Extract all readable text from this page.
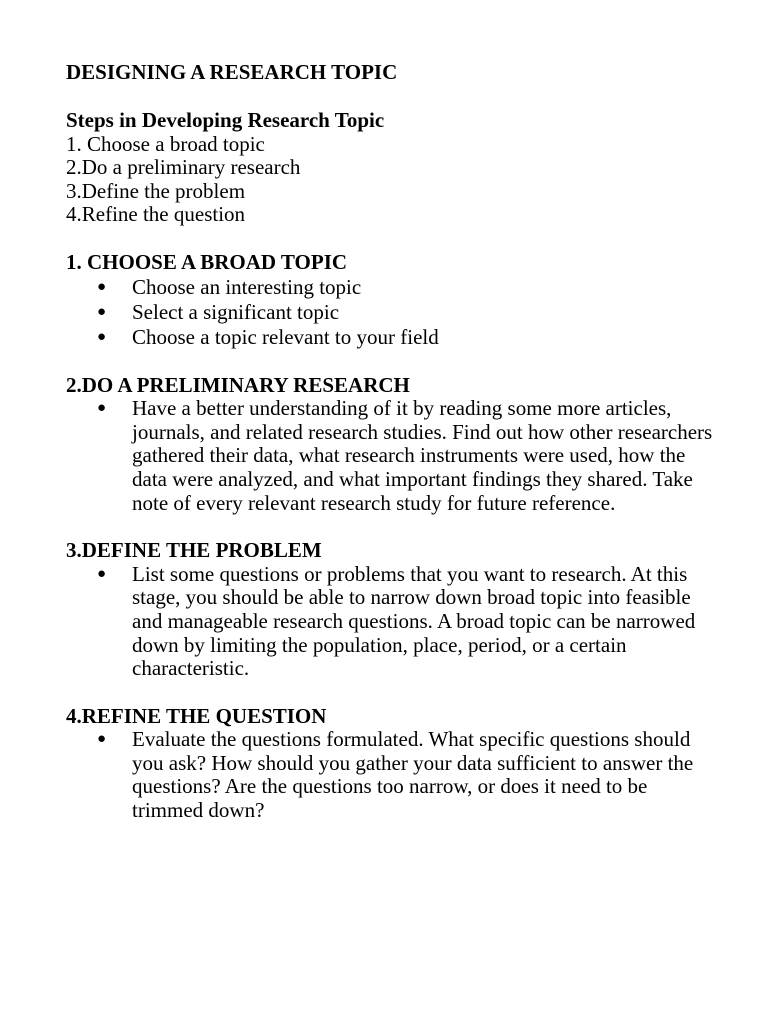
DESIGNING A RESEARCH TOPIC
Steps in Developing Research Topic
1. Choose a broad topic
2.Do a preliminary research
3.Define the problem
4.Refine the question
1. CHOOSE A BROAD TOPIC
● Choose an interesting topic
● Select a significant topic
● Choose a topic relevant to your field
2.DO A PRELIMINARY RESEARCH
● Have a better understanding of it by reading some more articles, journals, and related research studies. Find out how other researchers gathered their data, what research instruments were used, how the data were analyzed, and what important findings they shared. Take note of every relevant research study for future reference.
3.DEFINE THE PROBLEM
● List some questions or problems that you want to research. At this stage, you should be able to narrow down broad topic into feasible and manageable research questions. A broad topic can be narrowed down by limiting the population, place, period, or a certain characteristic.
4.REFINE THE QUESTION
● Evaluate the questions formulated. What specific questions should you ask? How should you gather your data sufficient to answer the questions? Are the questions too narrow, or does it need to be trimmed down?
